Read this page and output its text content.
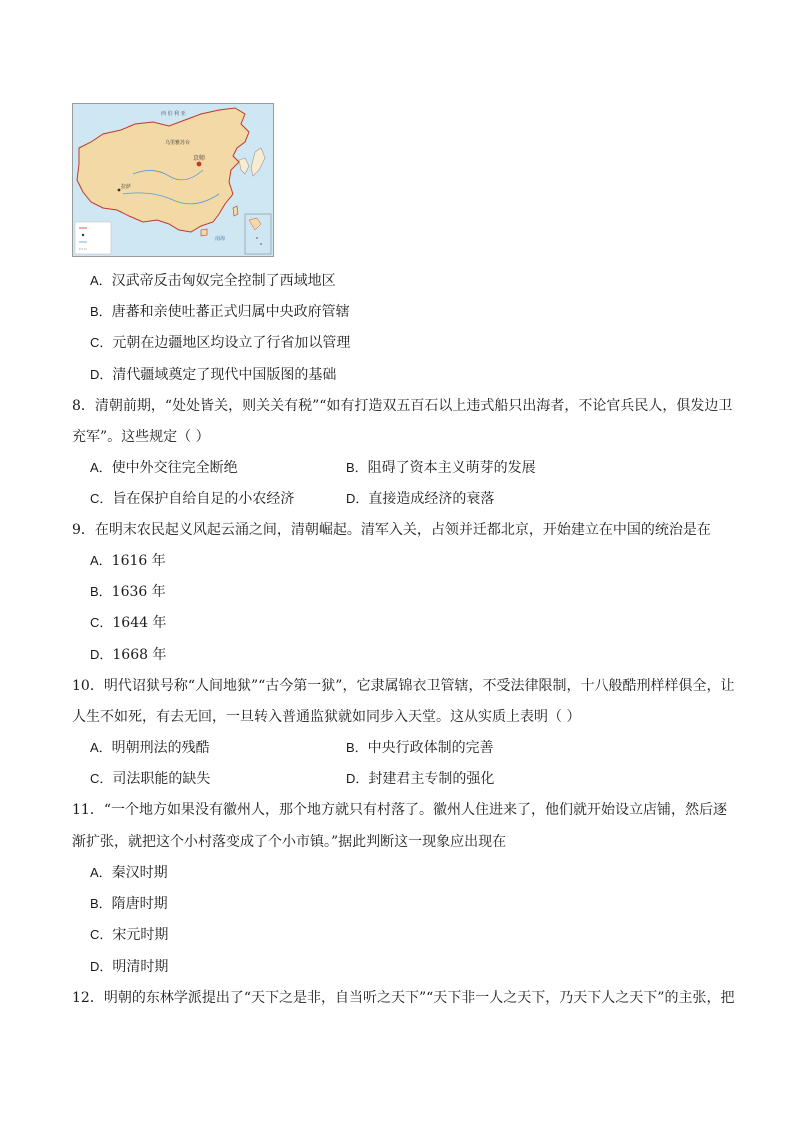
西 伯 利 亚
京师
拉萨
乌里雅苏台
南海
A．汉武帝反击匈奴完全控制了西域地区
B．唐蕃和亲使吐蕃正式归属中央政府管辖
C．元朝在边疆地区均设立了行省加以管理
D．清代疆域奠定了现代中国版图的基础
8．清朝前期，“处处皆关，则关关有税”“如有打造双五百石以上违式船只出海者，不论官兵民人，俱发边卫
充军”。这些规定（ ）
A．使中外交往完全断绝	B．阻碍了资本主义萌芽的发展
C．旨在保护自给自足的小农经济	D．直接造成经济的衰落
9．在明末农民起义风起云涌之间，清朝崛起。清军入关，占领并迁都北京，开始建立在中国的统治是在
A．1616 年
B．1636 年
C．1644 年
D．1668 年
10．明代诏狱号称“人间地狱”“古今第一狱”，它隶属锦衣卫管辖，不受法律限制，十八般酷刑样样俱全，让
人生不如死，有去无回，一旦转入普通监狱就如同步入天堂。这从实质上表明（ ）
A．明朝刑法的残酷	B．中央行政体制的完善
C．司法职能的缺失	D．封建君主专制的强化
11．“一个地方如果没有徽州人，那个地方就只有村落了。徽州人住进来了，他们就开始设立店铺，然后逐
渐扩张，就把这个小村落变成了个小市镇。”据此判断这一现象应出现在
A．秦汉时期
B．隋唐时期
C．宋元时期
D．明清时期
12．明朝的东林学派提出了“天下之是非，自当听之天下”“天下非一人之天下，乃天下人之天下”的主张，把
